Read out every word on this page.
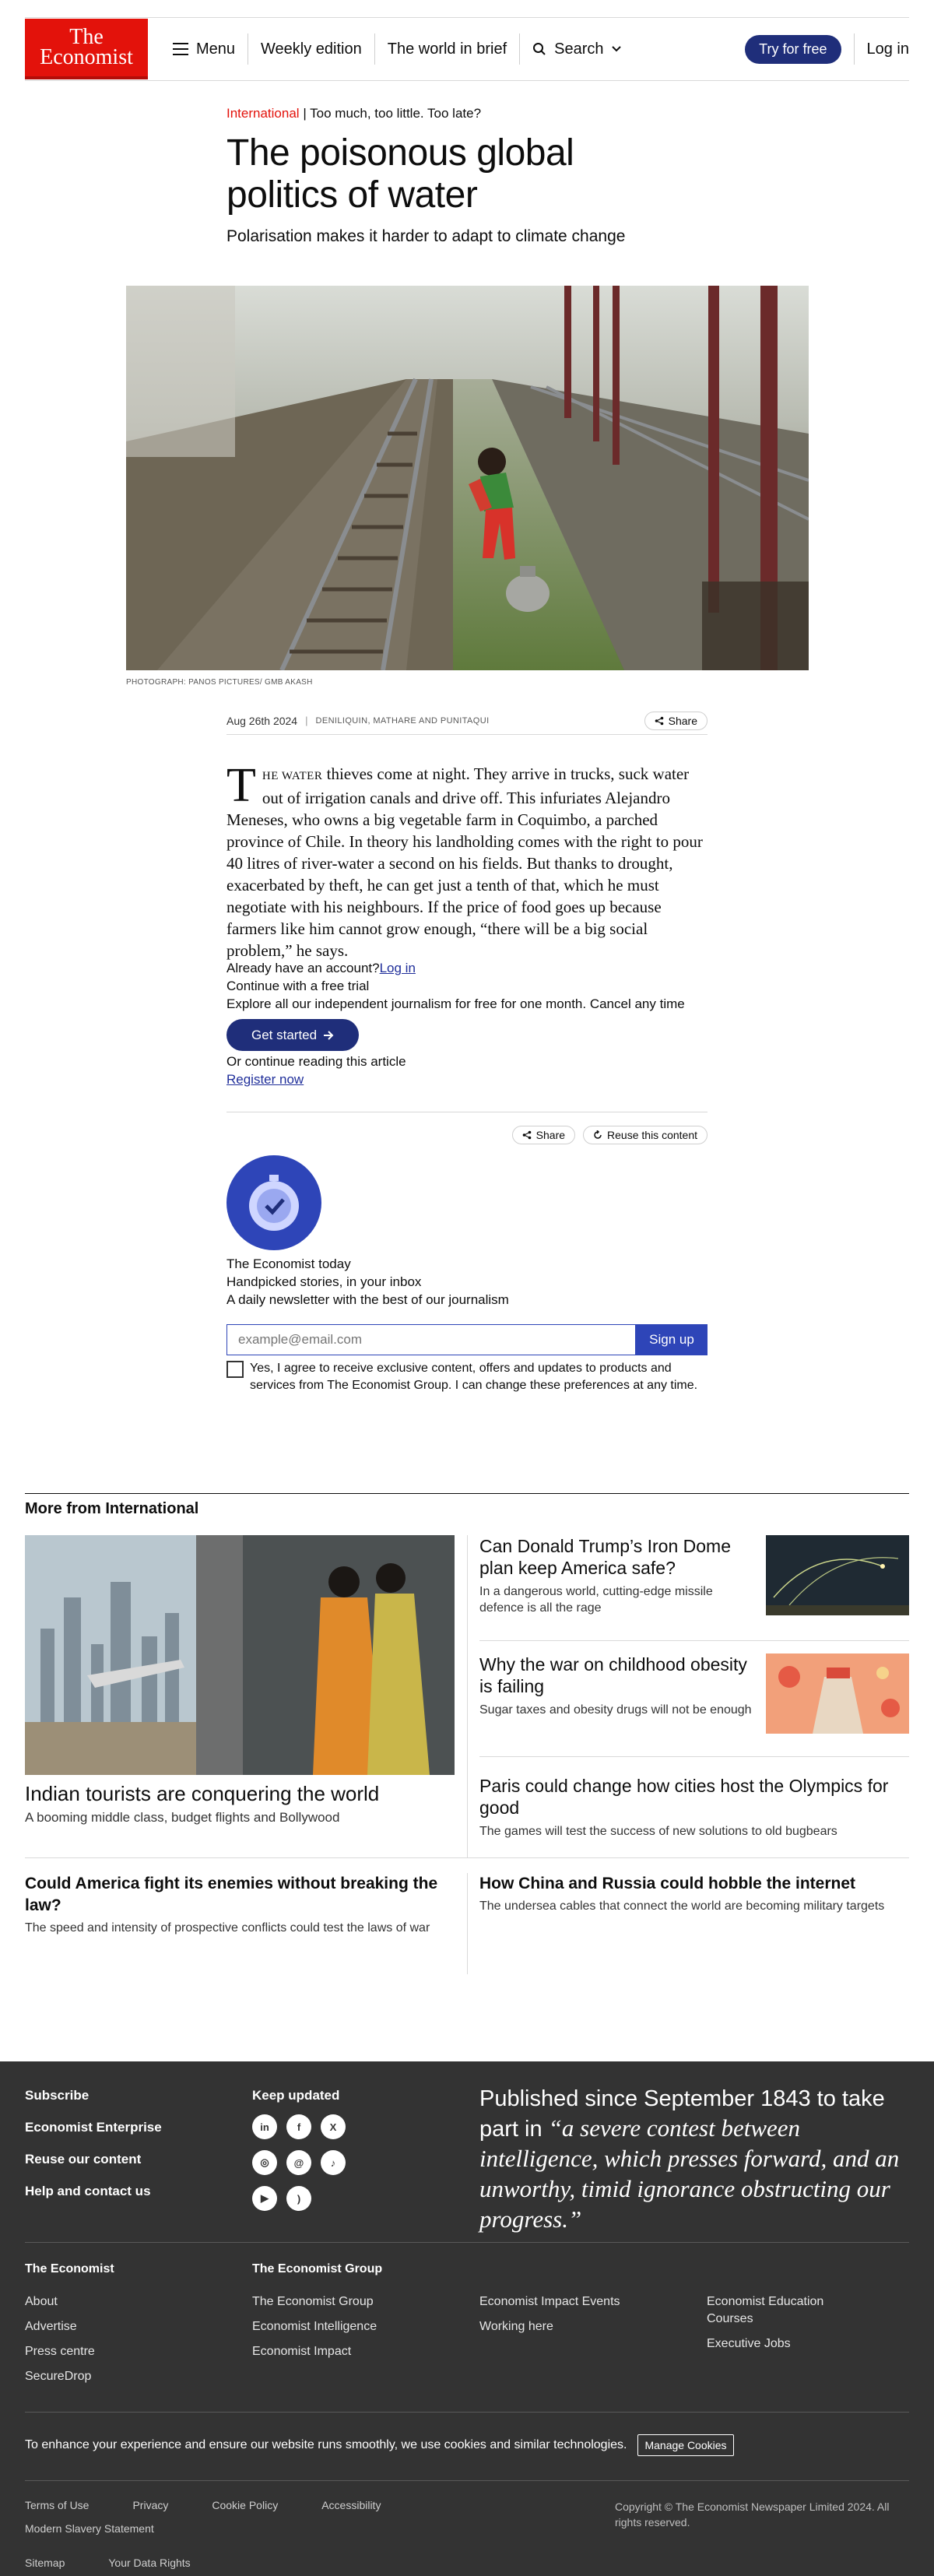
The
Economist	Menu	Weekly edition	The world in brief	Search	Try for free	Log in
International | Too much, too little. Too late?
The poisonous global politics of water
Polarisation makes it harder to adapt to climate change
PHOTOGRAPH: PANOS PICTURES/ GMB AKASH
Aug 26th 2024 | DENILIQUIN, MATHARE AND PUNITAQUI	Share
THE WATER thieves come at night. They arrive in trucks, suck water out of irrigation canals and drive off. This infuriates Alejandro Meneses, who owns a big vegetable farm in Coquimbo, a parched province of Chile. In theory his landholding comes with the right to pour 40 litres of river-water a second on his fields. But thanks to drought, exacerbated by theft, he can get just a tenth of that, which he must negotiate with his neighbours. If the price of food goes up because farmers like him cannot grow enough, “there will be a big social problem,” he says.
Already have an account?Log in
Continue with a free trial
Explore all our independent journalism for free for one month. Cancel any time
Get started
Or continue reading this article
Register now
Share	Reuse this content
The Economist today
Handpicked stories, in your inbox
A daily newsletter with the best of our journalism
example@email.com
Sign up
Yes, I agree to receive exclusive content, offers and updates to products and services from The Economist Group. I can change these preferences at any time.
More from International
Indian tourists are conquering the world
A booming middle class, budget flights and Bollywood
Can Donald Trump’s Iron Dome plan keep America safe?
In a dangerous world, cutting-edge missile defence is all the rage
Why the war on childhood obesity is failing
Sugar taxes and obesity drugs will not be enough
Paris could change how cities host the Olympics for good
The games will test the success of new solutions to old bugbears
Could America fight its enemies without breaking the law?
The speed and intensity of prospective conflicts could test the laws of war
How China and Russia could hobble the internet
The undersea cables that connect the world are becoming military targets
Subscribe
Economist Enterprise
Reuse our content
Help and contact us
Keep updated
in	f	X
◎	@	♪
▶	)
Published since September 1843 to take part in “a severe contest between intelligence, which presses forward, and an unworthy, timid ignorance obstructing our progress.”
The Economist
About
Advertise
Press centre
SecureDrop
The Economist Group
The Economist Group
Economist Intelligence
Economist Impact
Economist Impact Events
Working here
Economist Education Courses
Executive Jobs
To enhance your experience and ensure our website runs smoothly, we use cookies and similar technologies.	Manage Cookies
Terms of Use	Privacy	Cookie Policy	Accessibility
Modern Slavery Statement
Sitemap	Your Data Rights
Copyright © The Economist Newspaper Limited 2024. All rights reserved.
